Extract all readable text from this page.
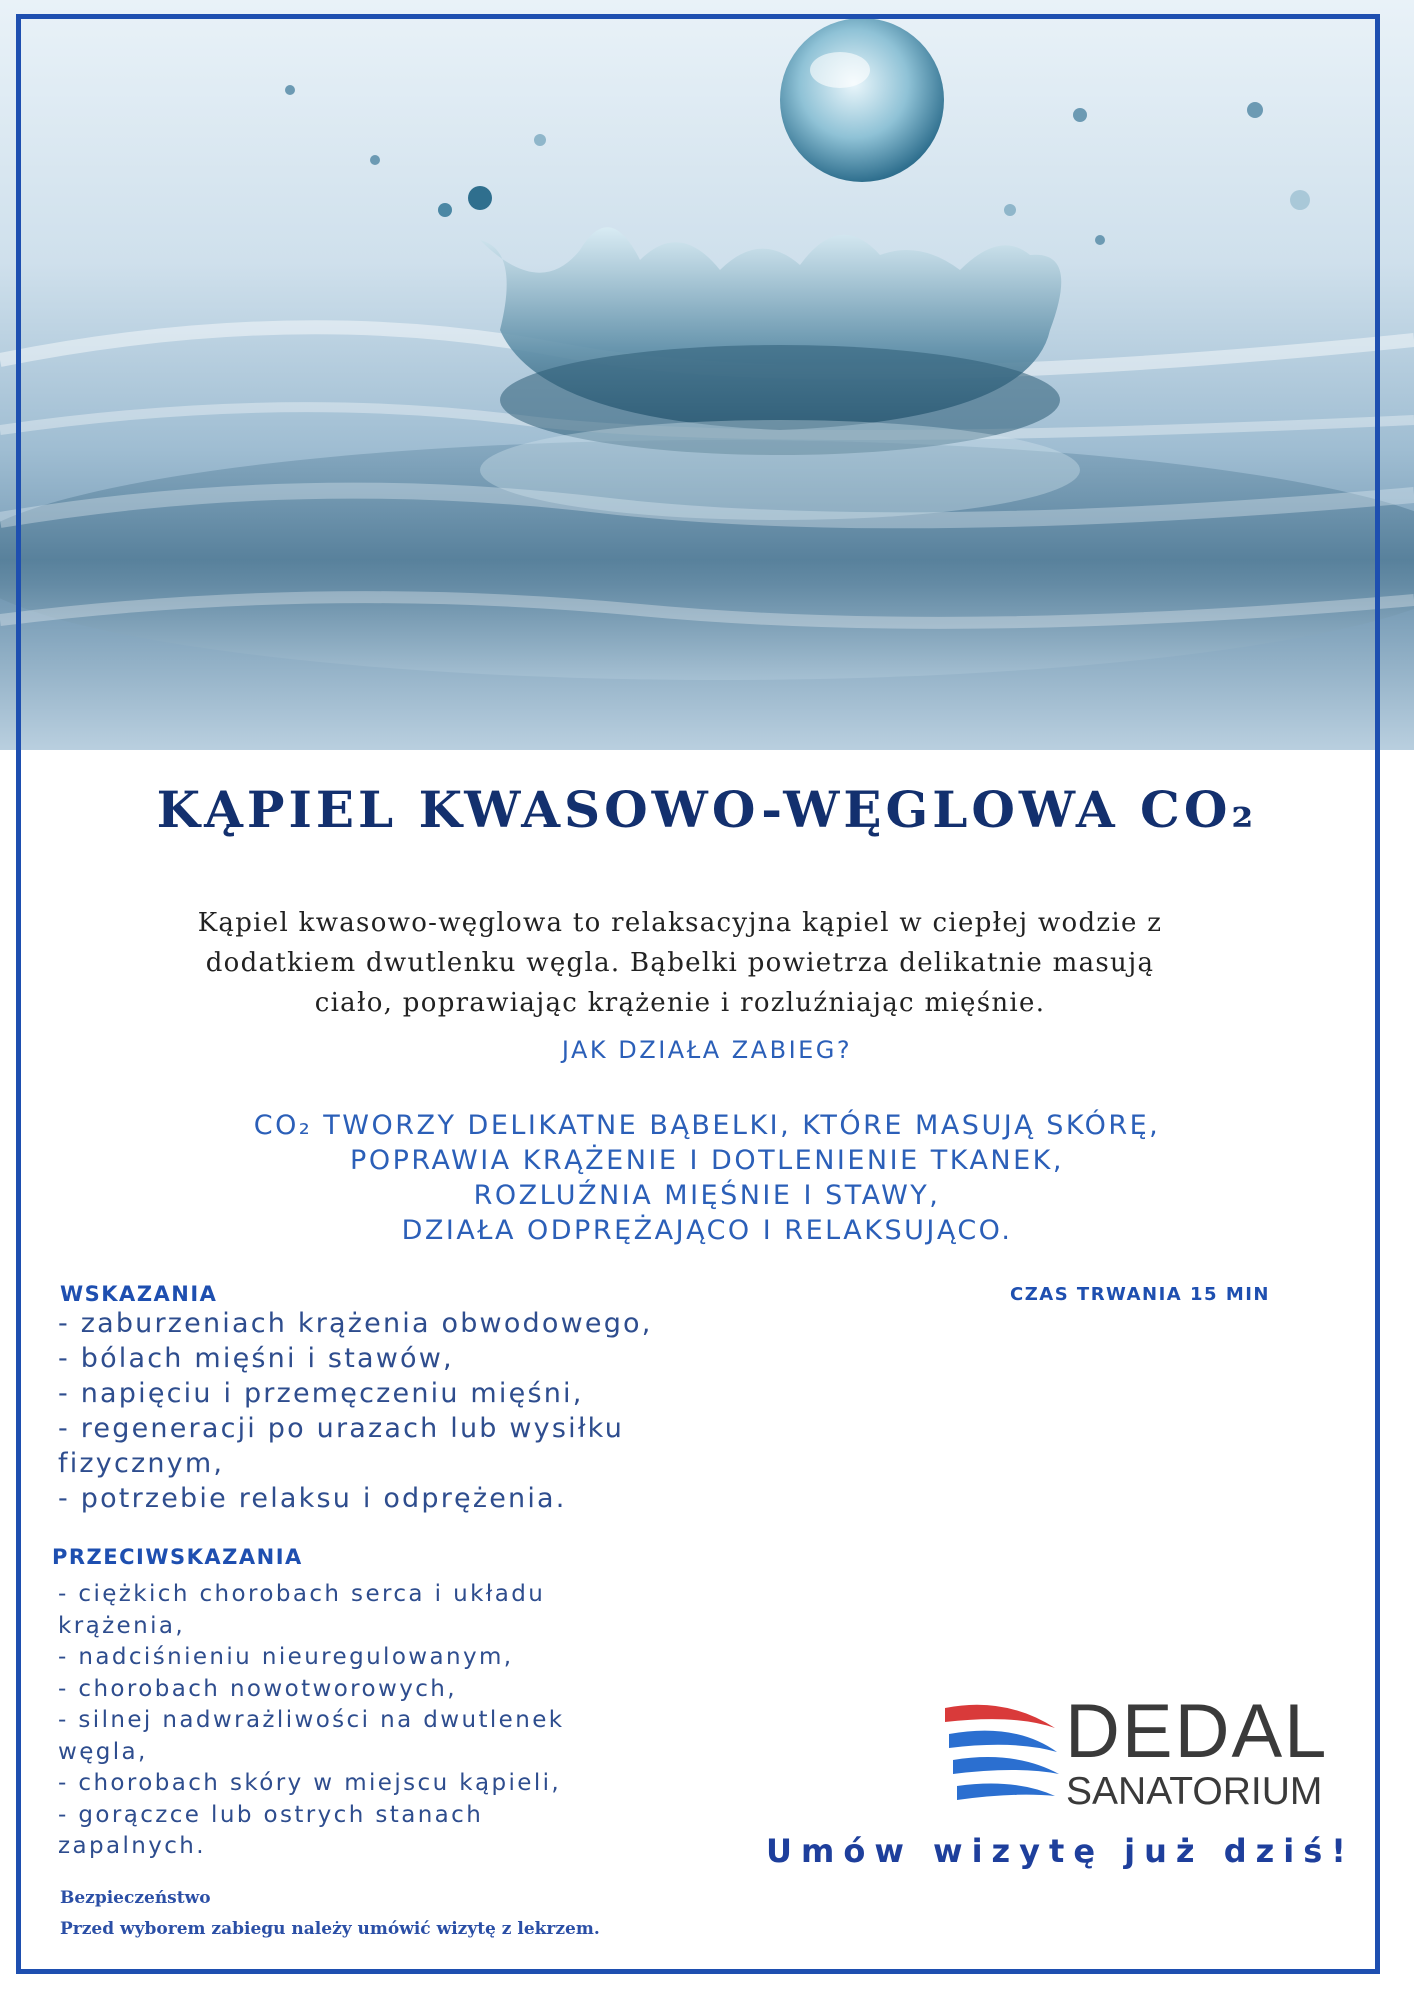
KĄPIEL KWASOWO-WĘGLOWA CO₂
Kąpiel kwasowo-węglowa to relaksacyjna kąpiel w ciepłej wodzie z
dodatkiem dwutlenku węgla. Bąbelki powietrza delikatnie masują
ciało, poprawiając krążenie i rozluźniając mięśnie.
JAK DZIAŁA ZABIEG?
CO₂ TWORZY DELIKATNE BĄBELKI, KTÓRE MASUJĄ SKÓRĘ,
POPRAWIA KRĄŻENIE I DOTLENIENIE TKANEK,
ROZLUŹNIA MIĘŚNIE I STAWY,
DZIAŁA ODPRĘŻAJĄCO I RELAKSUJĄCO.
WSKAZANIA	CZAS TRWANIA 15 MIN
- zaburzeniach krążenia obwodowego,
- bólach mięśni i stawów,
- napięciu i przemęczeniu mięśni,
- regeneracji po urazach lub wysiłku
fizycznym,
- potrzebie relaksu i odprężenia.
PRZECIWSKAZANIA
- ciężkich chorobach serca i układu
krążenia,
- nadciśnieniu nieuregulowanym,
- chorobach nowotworowych,
- silnej nadwrażliwości na dwutlenek
węgla,
- chorobach skóry w miejscu kąpieli,
- gorączce lub ostrych stanach
zapalnych.
Bezpieczeństwo
Przed wyborem zabiegu należy umówić wizytę z lekrzem.
DEDAL
SANATORIUM
Umów wizytę już dziś!
